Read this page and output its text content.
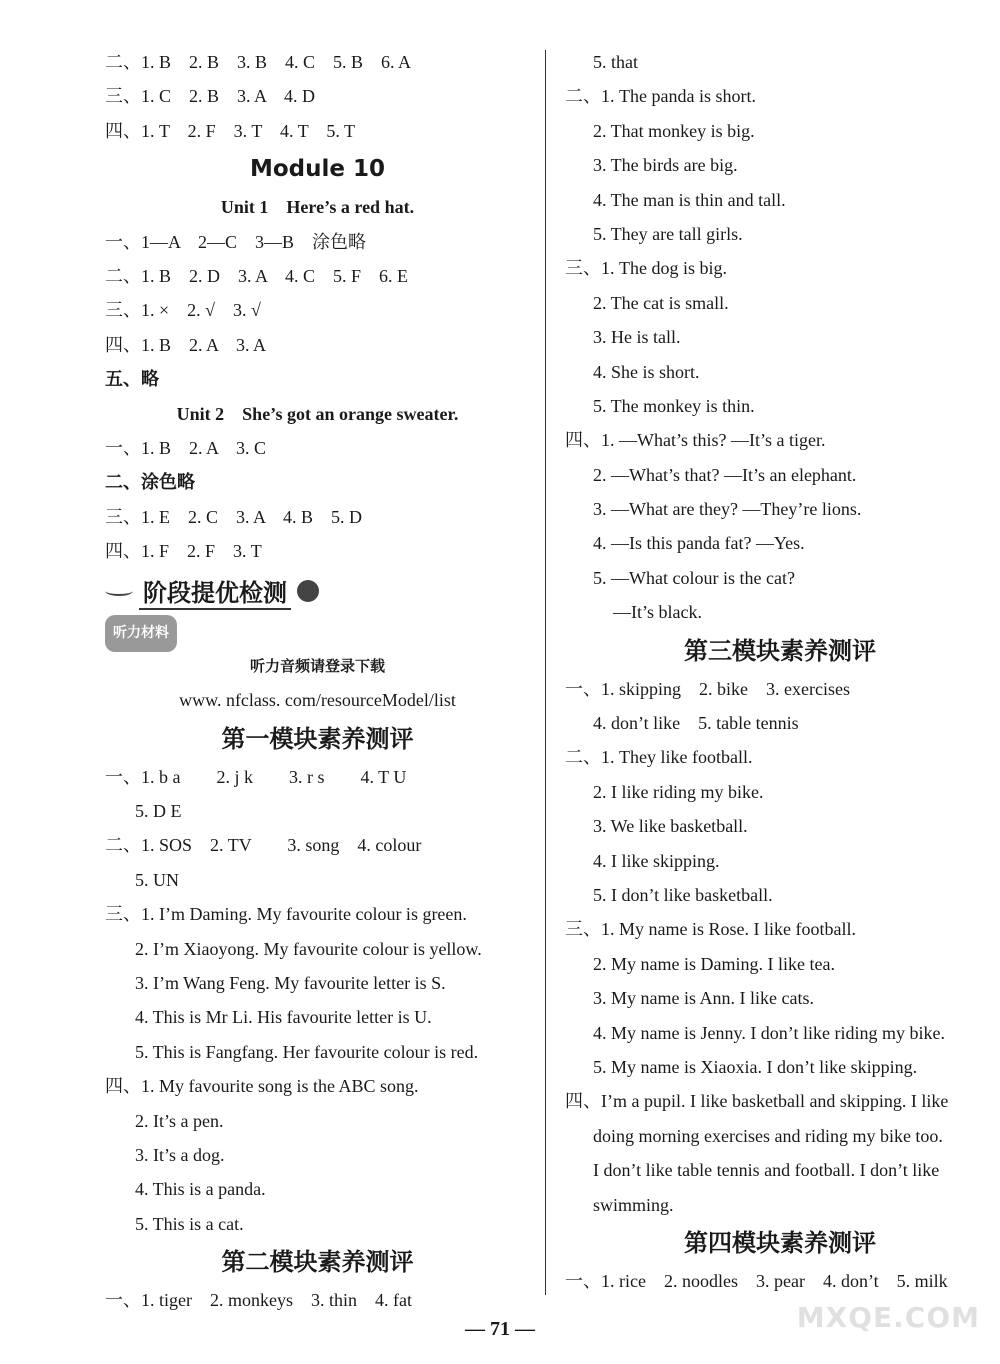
二、1. B　2. B　3. B　4. C　5. B　6. A
三、1. C　2. B　3. A　4. D
四、1. T　2. F　3. T　4. T　5. T
Module 10
Unit 1　Here’s a red hat.
一、1—A　2—C　3—B　涂色略
二、1. B　2. D　3. A　4. C　5. F　6. E
三、1. ×　2. √　3. √
四、1. B　2. A　3. A
五、略
Unit 2　She’s got an orange sweater.
一、1. B　2. A　3. C
二、涂色略
三、1. E　2. C　3. A　4. B　5. D
四、1. F　2. F　3. T
阶段提优检测
听力材料
听力音频请登录下载
www. nfclass. com/resourceModel/list
第一模块素养测评
一、1. b a　　2. j k　　3. r s　　4. T U
5. D E
二、1. SOS　2. TV　　3. song　4. colour
5. UN
三、1. I’m Daming. My favourite colour is green.
2. I’m Xiaoyong. My favourite colour is yellow.
3. I’m Wang Feng. My favourite letter is S.
4. This is Mr Li. His favourite letter is U.
5. This is Fangfang. Her favourite colour is red.
四、1. My favourite song is the ABC song.
2. It’s a pen.
3. It’s a dog.
4. This is a panda.
5. This is a cat.
第二模块素养测评
一、1. tiger　2. monkeys　3. thin　4. fat
5. that
二、1. The panda is short.
2. That monkey is big.
3. The birds are big.
4. The man is thin and tall.
5. They are tall girls.
三、1. The dog is big.
2. The cat is small.
3. He is tall.
4. She is short.
5. The monkey is thin.
四、1. —What’s this? —It’s a tiger.
2. —What’s that? —It’s an elephant.
3. —What are they? —They’re lions.
4. —Is this panda fat? —Yes.
5. —What colour is the cat?
—It’s black.
第三模块素养测评
一、1. skipping　2. bike　3. exercises
4. don’t like　5. table tennis
二、1. They like football.
2. I like riding my bike.
3. We like basketball.
4. I like skipping.
5. I don’t like basketball.
三、1. My name is Rose. I like football.
2. My name is Daming. I like tea.
3. My name is Ann. I like cats.
4. My name is Jenny. I don’t like riding my bike.
5. My name is Xiaoxia. I don’t like skipping.
四、I’m a pupil. I like basketball and skipping. I like
doing morning exercises and riding my bike too.
I don’t like table tennis and football. I don’t like
swimming.
第四模块素养测评
一、1. rice　2. noodles　3. pear　4. don’t　5. milk
— 71 —	MXQE.COM
